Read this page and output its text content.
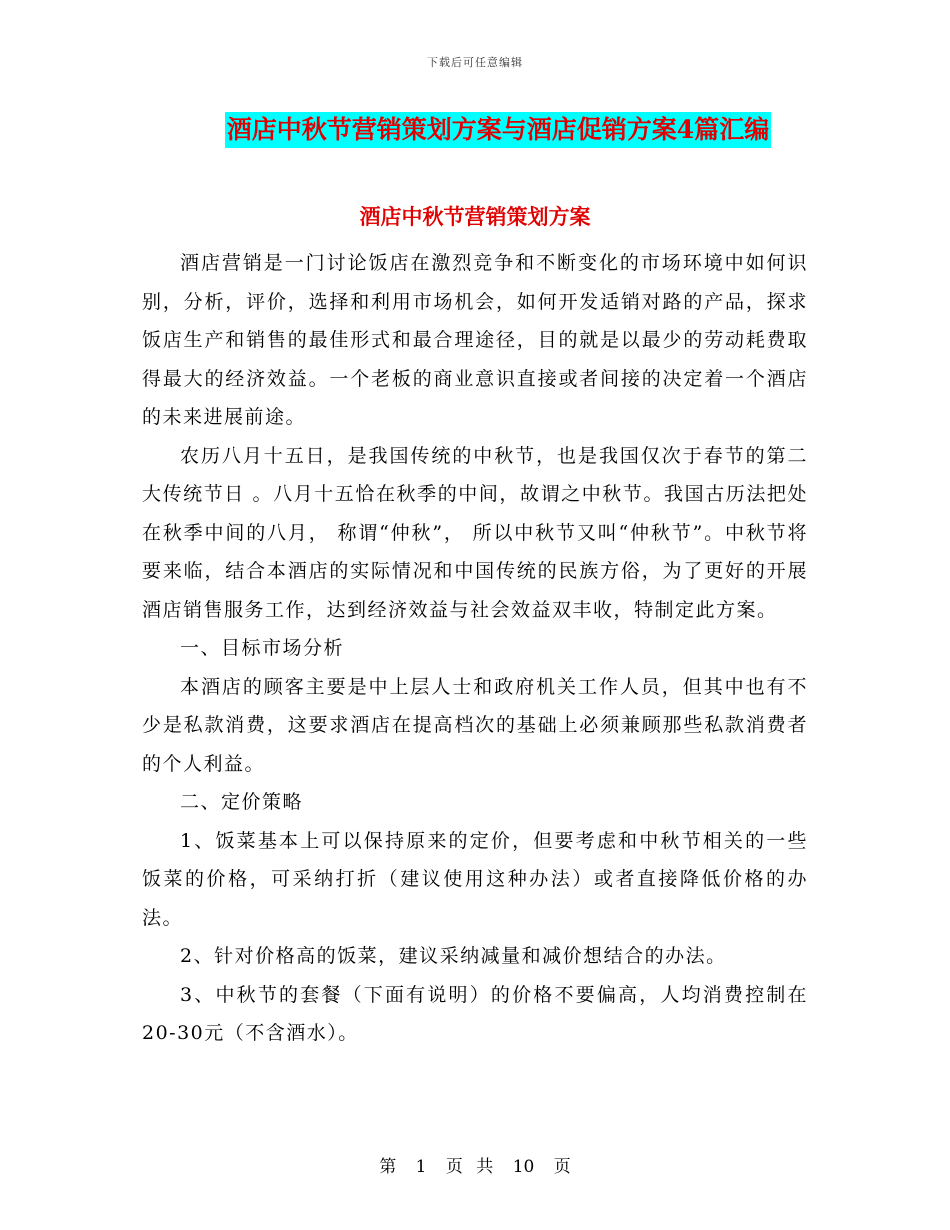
下载后可任意编辑
酒店中秋节营销策划方案与酒店促销方案4篇汇编
酒店中秋节营销策划方案

酒店营销是一门讨论饭店在激烈竞争和不断变化的市场环境中如何识别，分析，评价，选择和利用市场机会，如何开发适销对路的产品，探求饭店生产和销售的最佳形式和最合理途径，目的就是以最少的劳动耗费取得最大的经济效益。一个老板的商业意识直接或者间接的决定着一个酒店的未来进展前途。

农历八月十五日，是我国传统的中秋节，也是我国仅次于春节的第二大传统节日 。八月十五恰在秋季的中间，故谓之中秋节。我国古历法把处在秋季中间的八月， 称谓“仲秋”， 所以中秋节又叫“仲秋节”。中秋节将要来临，结合本酒店的实际情况和中国传统的民族方俗，为了更好的开展酒店销售服务工作，达到经济效益与社会效益双丰收，特制定此方案。

一、目标市场分析

本酒店的顾客主要是中上层人士和政府机关工作人员，但其中也有不少是私款消费，这要求酒店在提高档次的基础上必须兼顾那些私款消费者的个人利益。

二、定价策略

1、饭菜基本上可以保持原来的定价，但要考虑和中秋节相关的一些饭菜的价格，可采纳打折（建议使用这种办法）或者直接降低价格的办法。

2、针对价格高的饭菜，建议采纳减量和减价想结合的办法。

3、中秋节的套餐（下面有说明）的价格不要偏高，人均消费控制在20-30元（不含酒水）。

第 1 页 共 10 页
